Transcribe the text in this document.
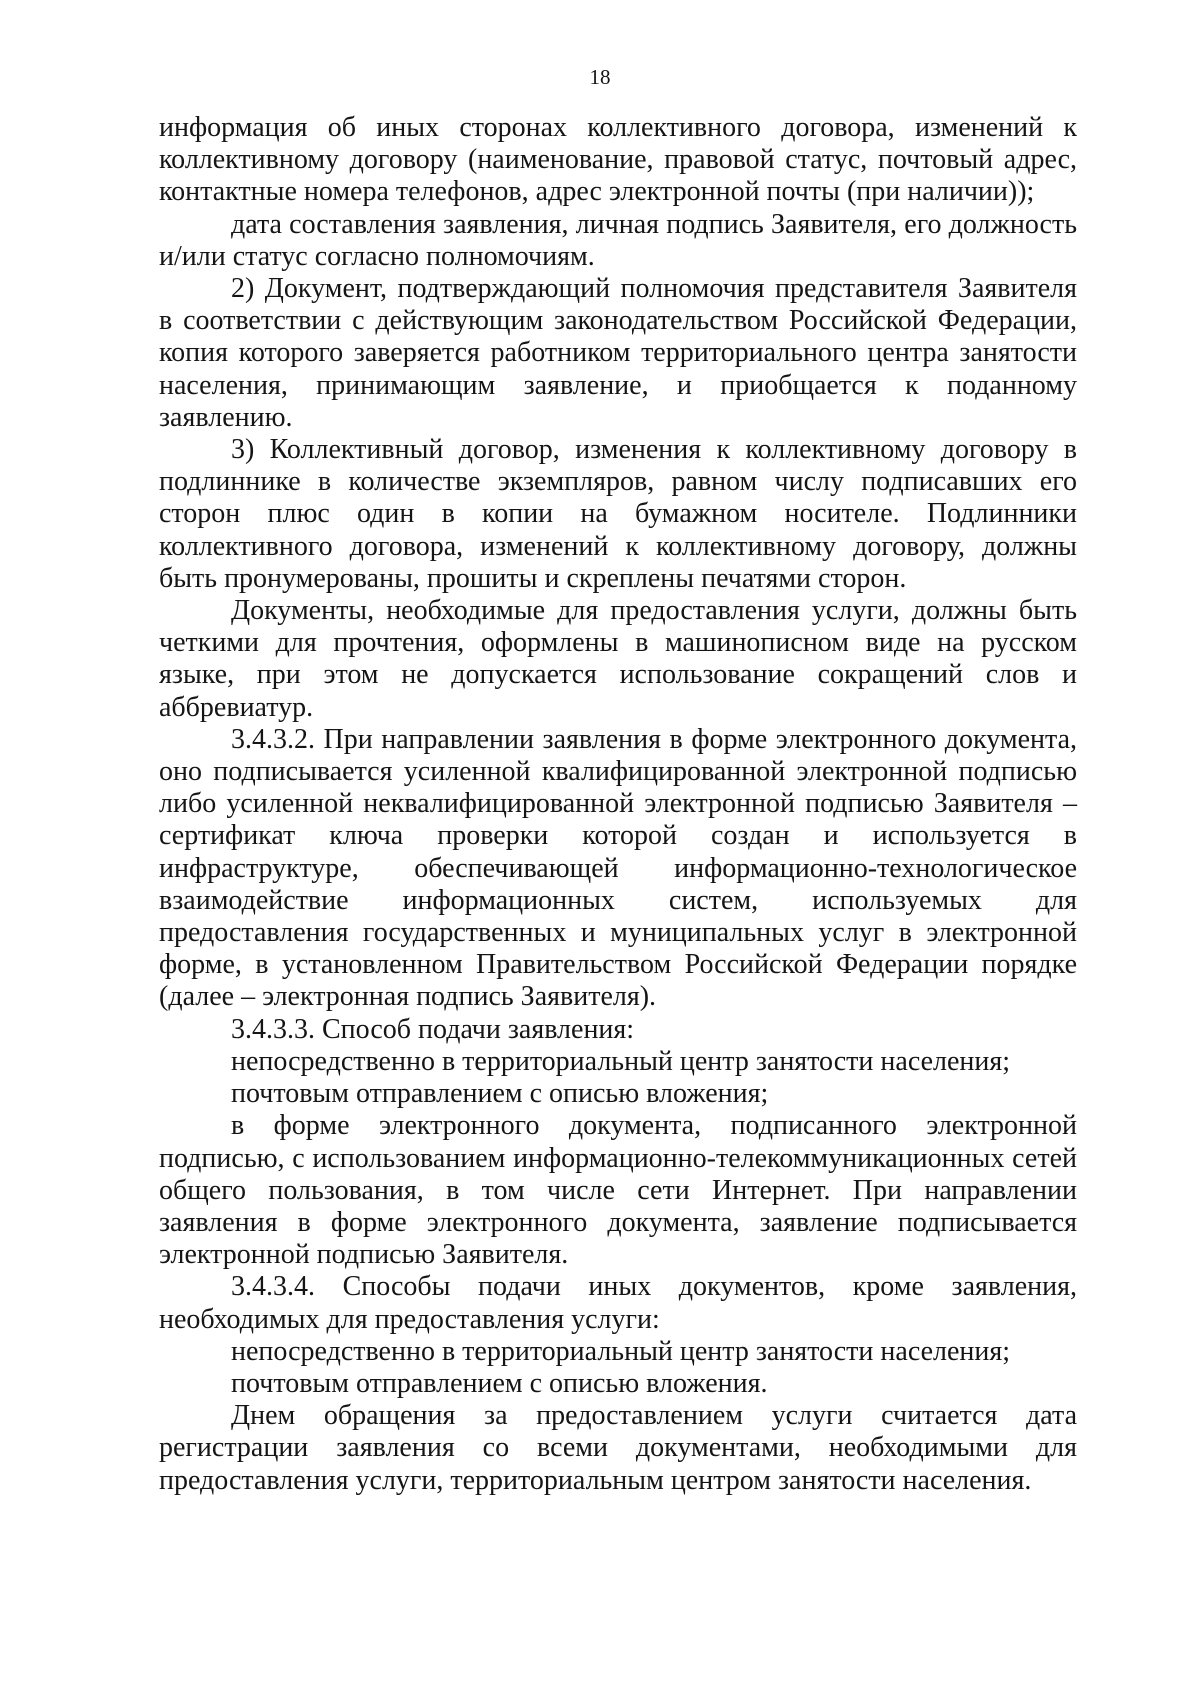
18

информация об иных сторонах коллективного договора, изменений к коллективному договору (наименование, правовой статус, почтовый адрес, контактные номера телефонов, адрес электронной почты (при наличии));

дата составления заявления, личная подпись Заявителя, его должность и/или статус согласно полномочиям.

2) Документ, подтверждающий полномочия представителя Заявителя в соответствии с действующим законодательством Российской Федерации, копия которого заверяется работником территориального центра занятости населения, принимающим заявление, и приобщается к поданному заявлению.

3) Коллективный договор, изменения к коллективному договору в подлиннике в количестве экземпляров, равном числу подписавших его сторон плюс один в копии на бумажном носителе. Подлинники коллективного договора, изменений к коллективному договору, должны быть пронумерованы, прошиты и скреплены печатями сторон.

Документы, необходимые для предоставления услуги, должны быть четкими для прочтения, оформлены в машинописном виде на русском языке, при этом не допускается использование сокращений слов и аббревиатур.

3.4.3.2. При направлении заявления в форме электронного документа, оно подписывается усиленной квалифицированной электронной подписью либо усиленной неквалифицированной электронной подписью Заявителя – сертификат ключа проверки которой создан и используется в инфраструктуре, обеспечивающей информационно-технологическое взаимодействие информационных систем, используемых для предоставления государственных и муниципальных услуг в электронной форме, в установленном Правительством Российской Федерации порядке (далее – электронная подпись Заявителя).

3.4.3.3. Способ подачи заявления:

непосредственно в территориальный центр занятости населения;

почтовым отправлением с описью вложения;

в форме электронного документа, подписанного электронной подписью, с использованием информационно-телекоммуникационных сетей общего пользования, в том числе сети Интернет. При направлении заявления в форме электронного документа, заявление подписывается электронной подписью Заявителя.

3.4.3.4. Способы подачи иных документов, кроме заявления, необходимых для предоставления услуги:

непосредственно в территориальный центр занятости населения;

почтовым отправлением с описью вложения.

Днем обращения за предоставлением услуги считается дата регистрации заявления со всеми документами, необходимыми для предоставления услуги, территориальным центром занятости населения.
